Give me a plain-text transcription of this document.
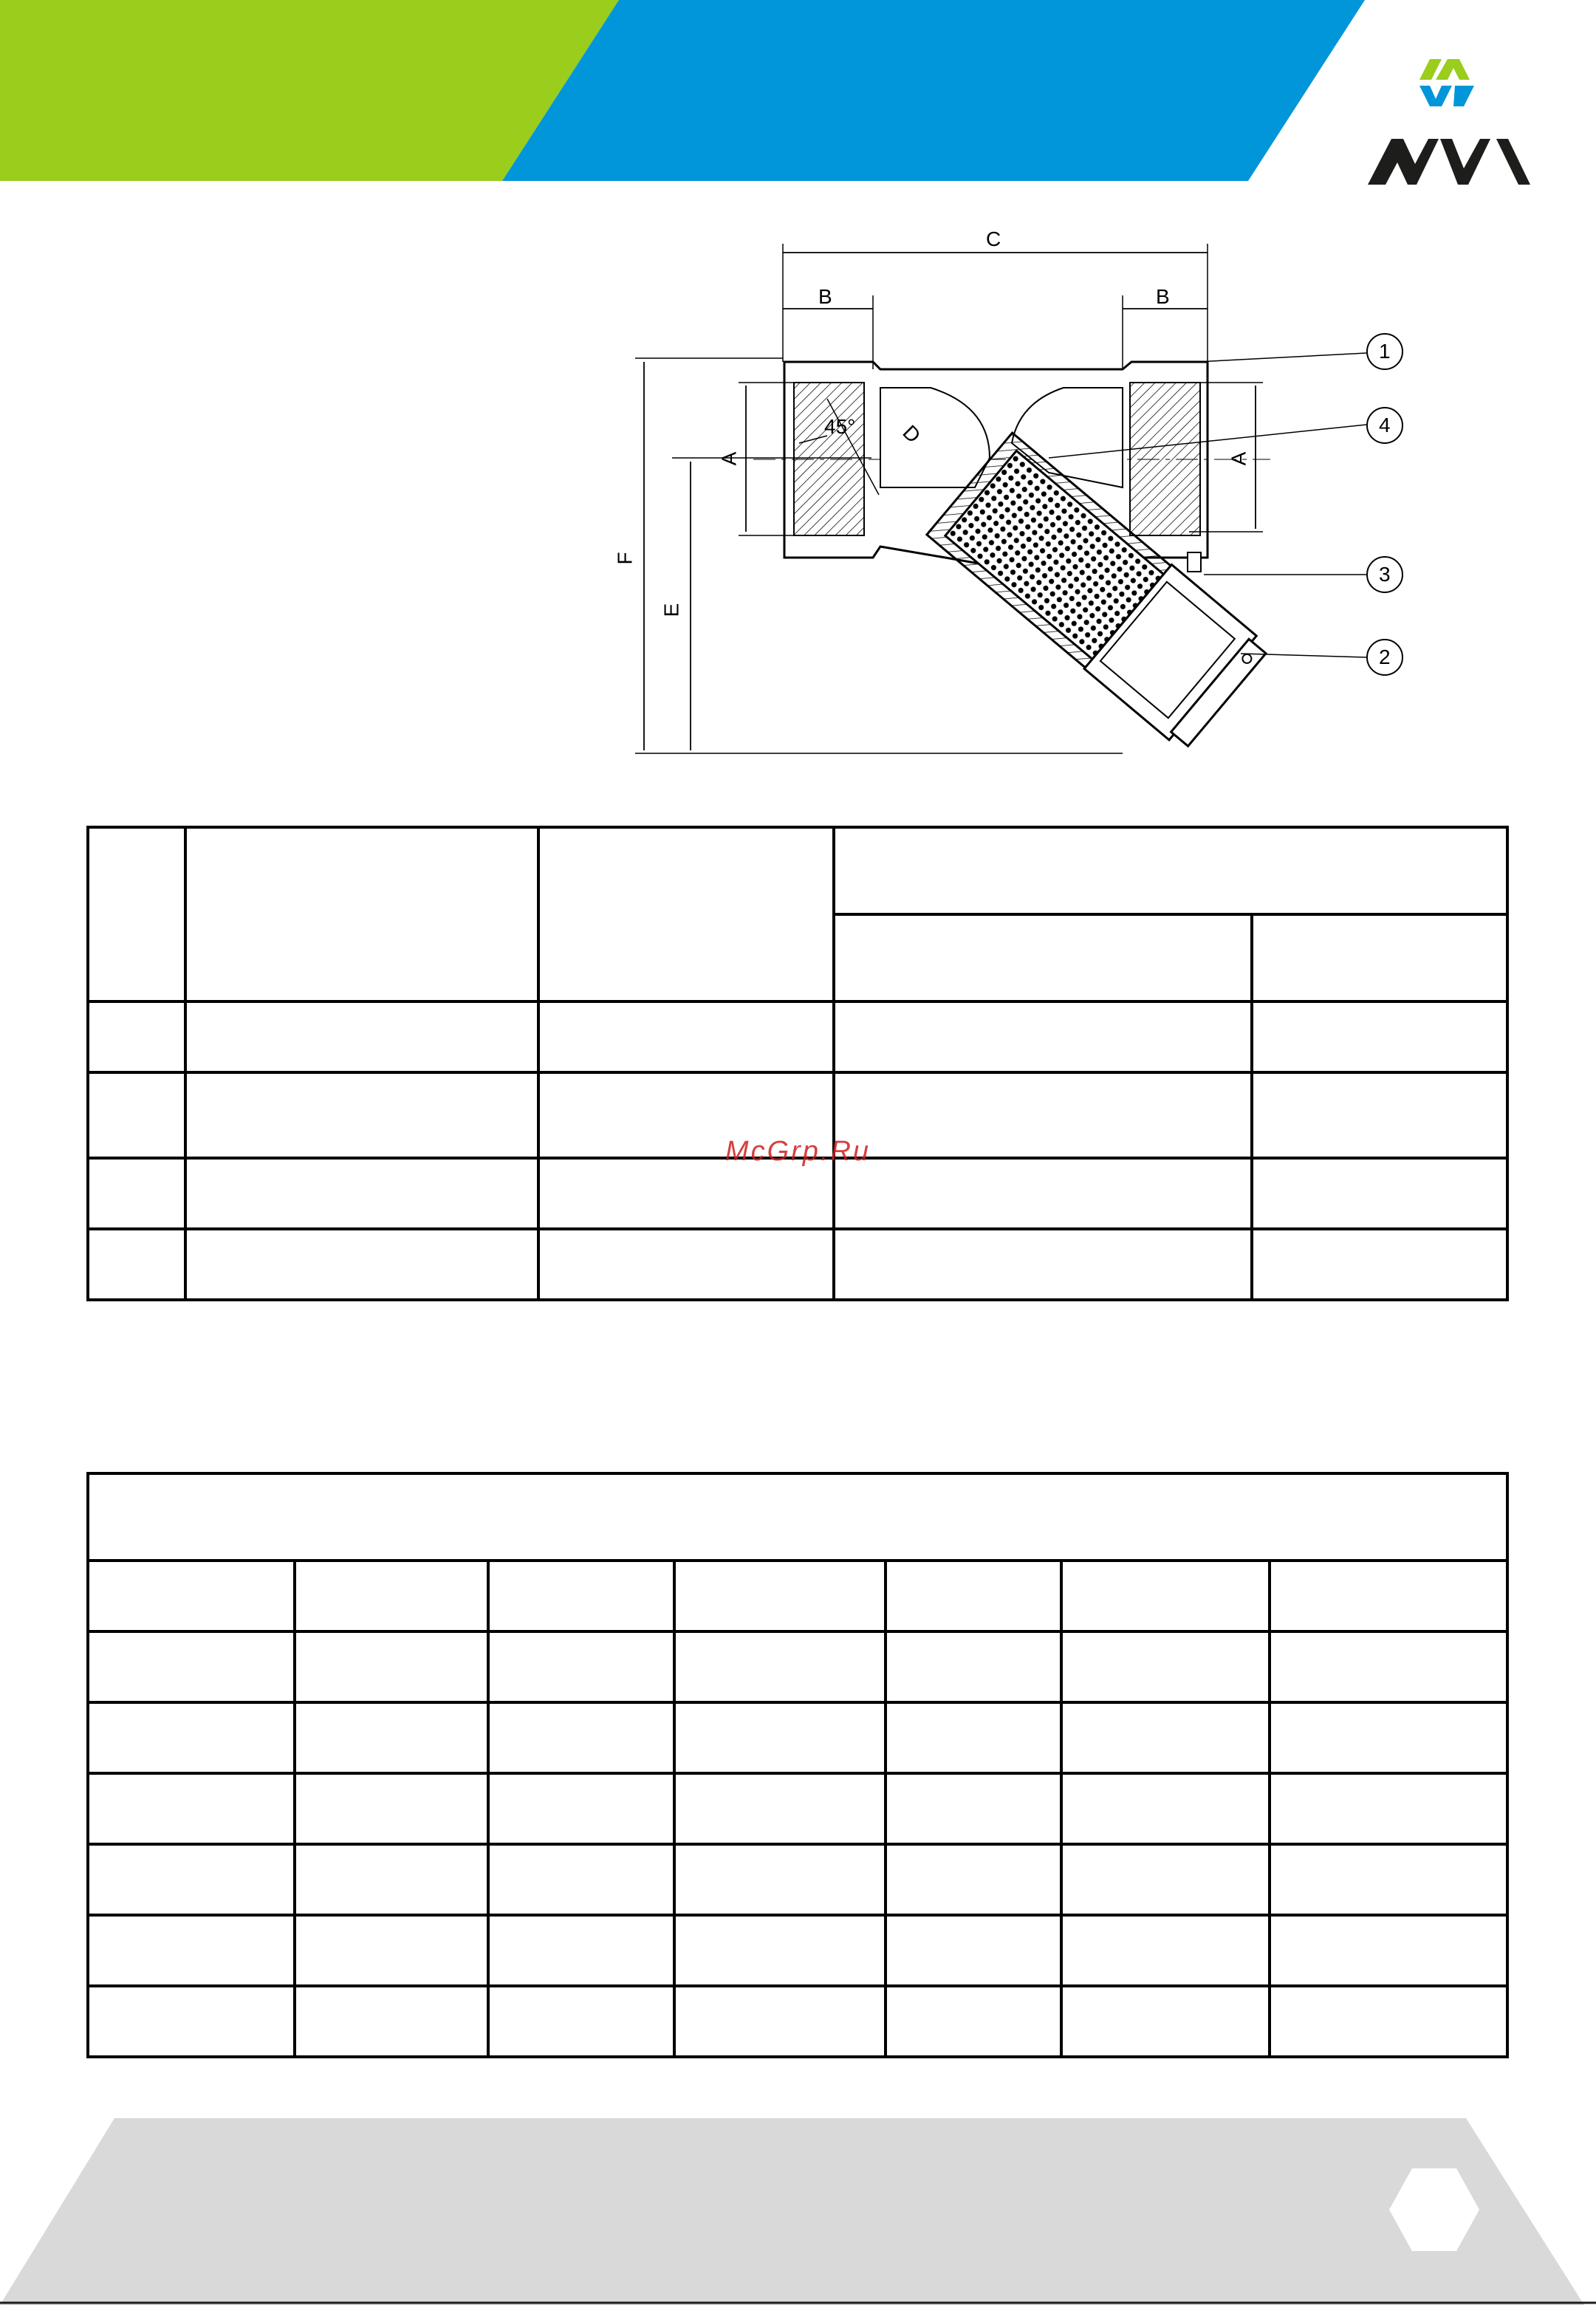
C
B	B
A	A
F
E
D
45°
1
4
3
2

McGrp.Ru
